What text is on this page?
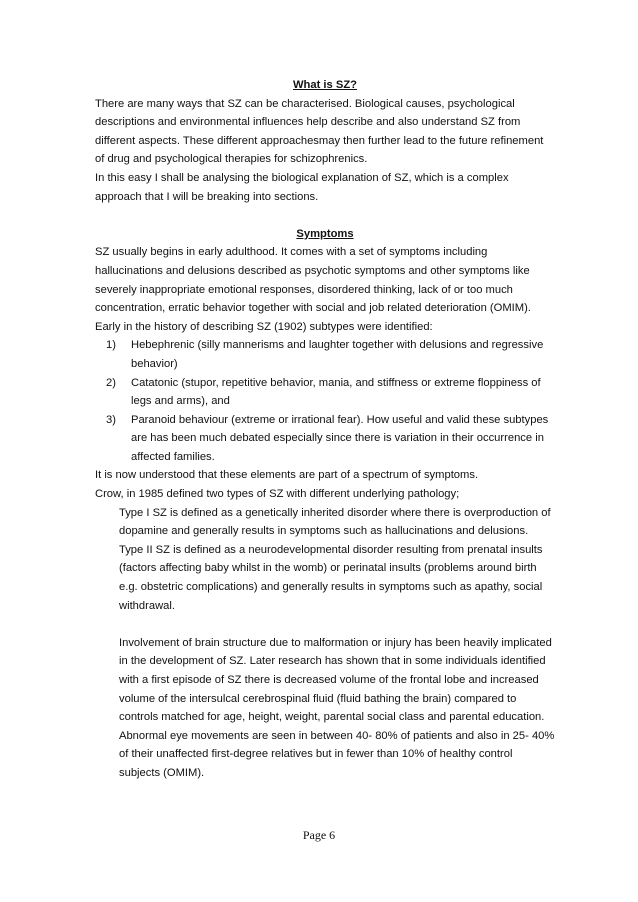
What is SZ?

There are many ways that SZ can be characterised. Biological causes, psychological descriptions and environmental influences help describe and also understand SZ from different aspects. These different approachesmay then further lead to the future refinement of drug and psychological therapies for schizophrenics.

In this easy I shall be analysing the biological explanation of SZ, which is a complex approach that I will be breaking into sections.

Symptoms

SZ usually begins in early adulthood. It comes with a set of symptoms including hallucinations and delusions described as psychotic symptoms and other symptoms like severely inappropriate emotional responses, disordered thinking, lack of or too much concentration, erratic behavior together with social and job related deterioration (OMIM).

Early in the history of describing SZ (1902) subtypes were identified:

1) Hebephrenic (silly mannerisms and laughter together with delusions and regressive behavior)
2) Catatonic (stupor, repetitive behavior, mania, and stiffness or extreme floppiness of legs and arms), and
3) Paranoid behaviour (extreme or irrational fear). How useful and valid these subtypes are has been much debated especially since there is variation in their occurrence in affected families.

It is now understood that these elements are part of a spectrum of symptoms.

Crow, in 1985 defined two types of SZ with different underlying pathology;

Type I SZ is defined as a genetically inherited disorder where there is overproduction of dopamine and generally results in symptoms such as hallucinations and delusions.

Type II SZ is defined as a neurodevelopmental disorder resulting from prenatal insults (factors affecting baby whilst in the womb) or perinatal insults (problems around birth e.g. obstetric complications) and generally results in symptoms such as apathy, social withdrawal.

Involvement of brain structure due to malformation or injury has been heavily implicated in the development of SZ. Later research has shown that in some individuals identified with a first episode of SZ there is decreased volume of the frontal lobe and increased volume of the intersulcal cerebrospinal fluid (fluid bathing the brain) compared to controls matched for age, height, weight, parental social class and parental education. Abnormal eye movements are seen in between 40- 80% of patients and also in 25- 40% of their unaffected first-degree relatives but in fewer than 10% of healthy control subjects (OMIM).

Page 6
